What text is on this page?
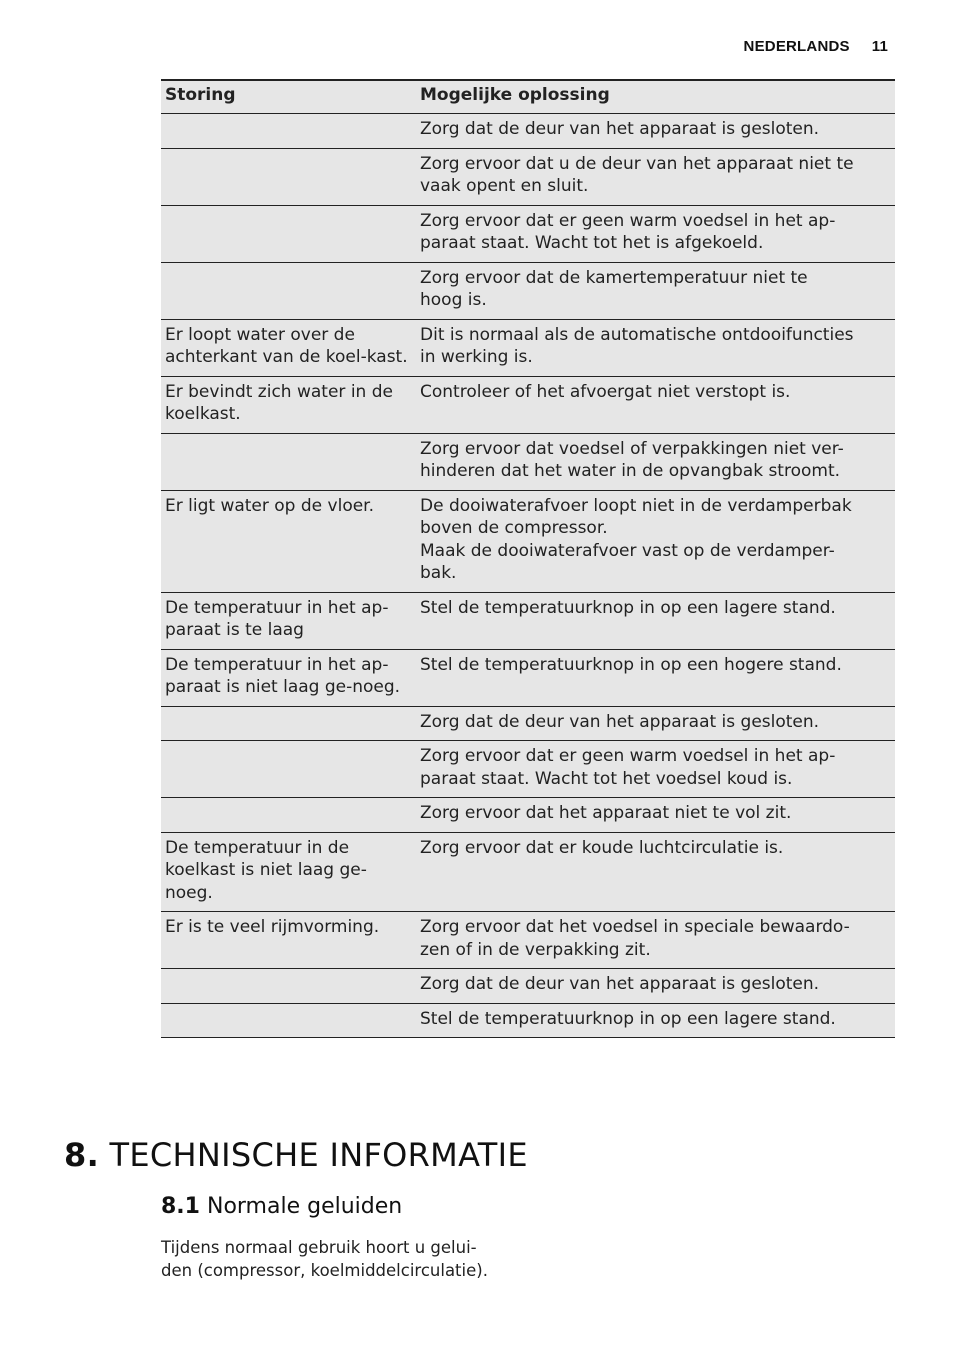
NEDERLANDS 11
Storing	Mogelijke oplossing
	Zorg dat de deur van het apparaat is gesloten.
	Zorg ervoor dat u de deur van het apparaat niet te
vaak opent en sluit.
	Zorg ervoor dat er geen warm voedsel in het ap-
paraat staat. Wacht tot het is afgekoeld.
	Zorg ervoor dat de kamertemperatuur niet te
hoog is.
Er loopt water over de achterkant van de koel-kast.	Dit is normaal als de automatische ontdooifuncties
in werking is.
Er bevindt zich water in de koelkast.	Controleer of het afvoergat niet verstopt is.
	Zorg ervoor dat voedsel of verpakkingen niet ver-
hinderen dat het water in de opvangbak stroomt.
Er ligt water op de vloer.	De dooiwaterafvoer loopt niet in de verdamperbak
boven de compressor.
Maak de dooiwaterafvoer vast op de verdamper-
bak.
De temperatuur in het ap-paraat is te laag	Stel de temperatuurknop in op een lagere stand.
De temperatuur in het ap-paraat is niet laag ge-noeg.	Stel de temperatuurknop in op een hogere stand.
	Zorg dat de deur van het apparaat is gesloten.
	Zorg ervoor dat er geen warm voedsel in het ap-
paraat staat. Wacht tot het voedsel koud is.
	Zorg ervoor dat het apparaat niet te vol zit.
De temperatuur in de koelkast is niet laag ge-noeg.	Zorg ervoor dat er koude luchtcirculatie is.
Er is te veel rijmvorming.	Zorg ervoor dat het voedsel in speciale bewaardo-
zen of in de verpakking zit.
	Zorg dat de deur van het apparaat is gesloten.
	Stel de temperatuurknop in op een lagere stand.
8. TECHNISCHE INFORMATIE
8.1 Normale geluiden

Tijdens normaal gebruik hoort u gelui-
den (compressor, koelmiddelcirculatie).
